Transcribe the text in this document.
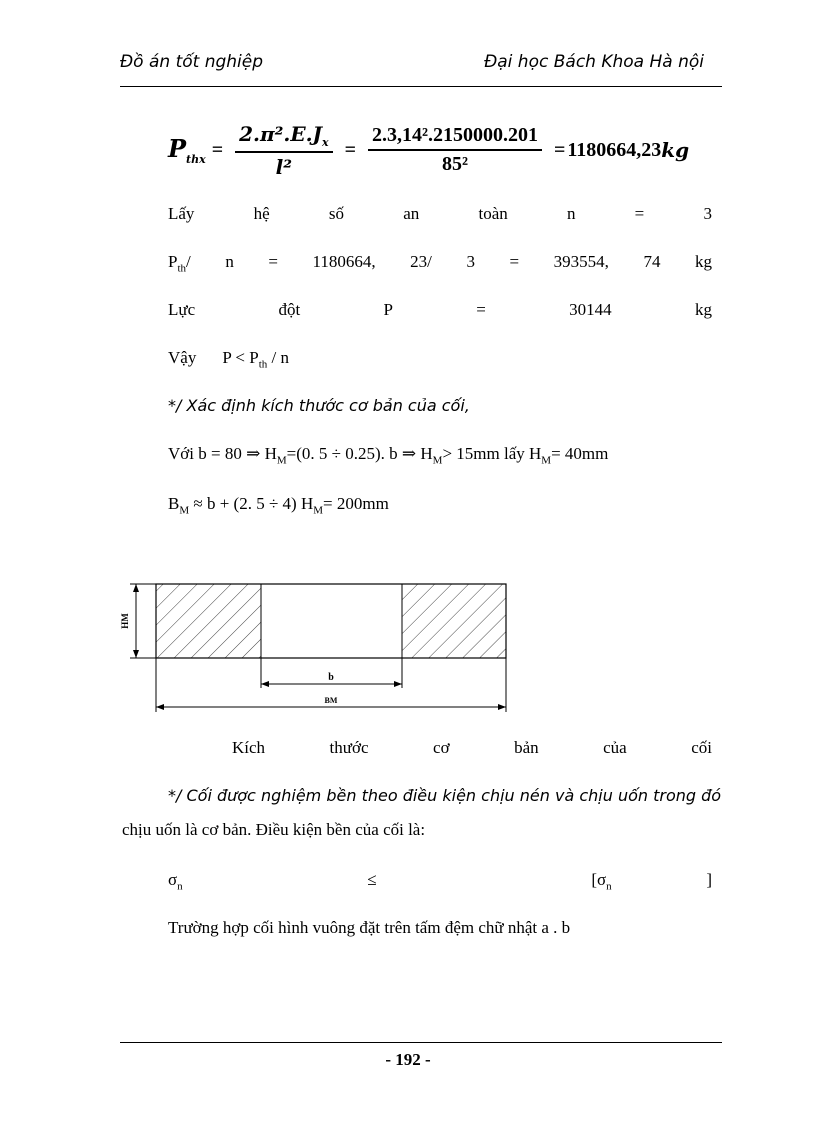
Đồ án tốt nghiệp	Đại học Bách Khoa Hà nội
$P_{thx} = \frac{2.\pi^2.E.J_x}{\text{l²}} = \frac{\text{2.3,14².2150000.201}}{\text{85²}} = 1180664,23$ kg
Lấy	hệ	số	an	toàn	n	=	3
$P_{th}/$ n = 1180664, 23/ 3 = 393554, 74 kg
Lực	đột	P	=	30144	kg
Vậy $P < P_{th} / n$
*/ Xác định kích thước cơ bản của cối,
Với b = 80 ⇒ $H_M=(0$. 5 ÷ 0.25). b ⇒ $H_M> 15mm$ lấy $H_M= 40mm$
$B_M \approx b + (2$. 5 ÷ 4) $H_M= 200mm$
HM
b
BM
Kích	thước	cơ	bản	của	cối
*/ Cối được nghiệm bền theo điều kiện chịu nén và chịu uốn trong đó
chịu uốn là cơ bản. Điều kiện bền của cối là:
$\sigma_n$	≤	[$\sigma_n$	]
Trường hợp cối hình vuông đặt trên tấm đệm chữ nhật a . b
- 192 -
